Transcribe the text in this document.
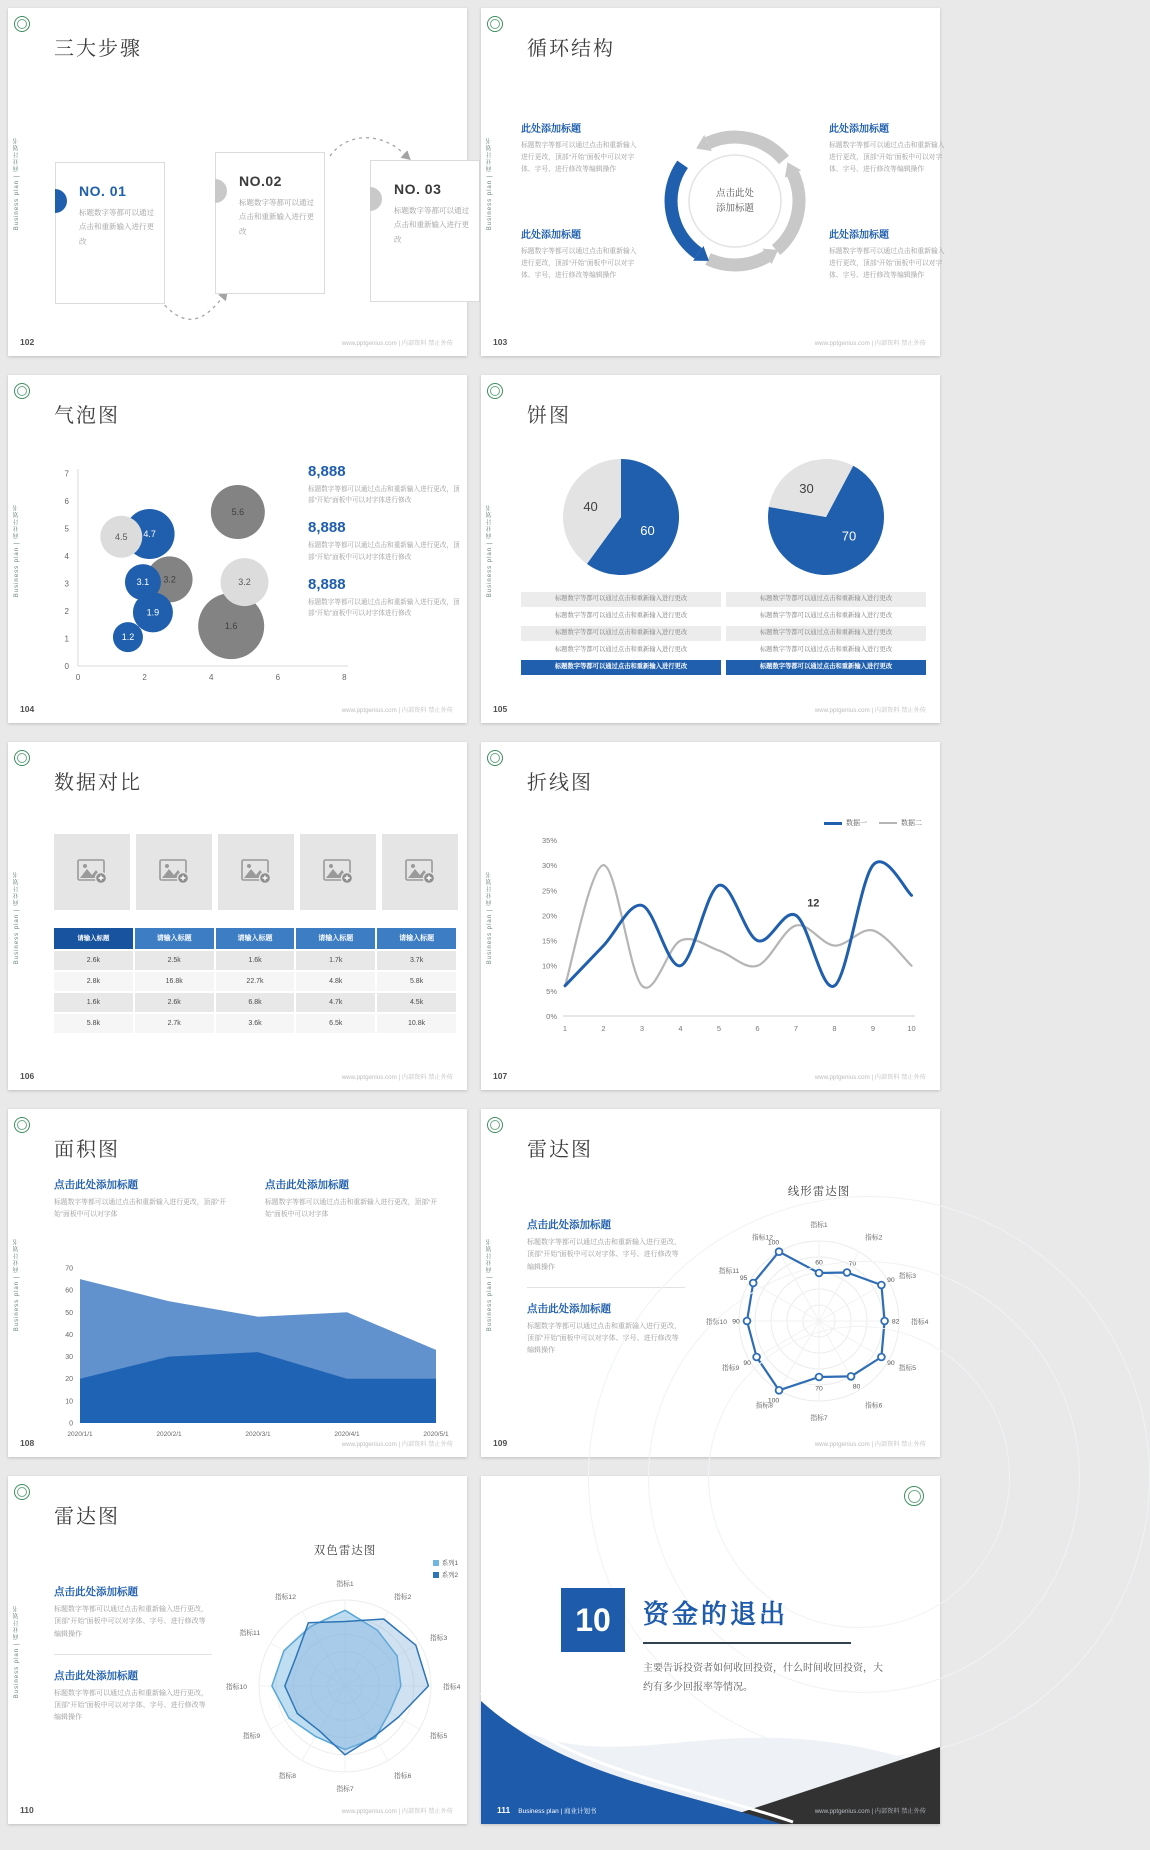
Business plan | 商业计划书
三大步骤
NO. 01
标题数字等都可以通过点击和重新输入进行更改
NO.02
标题数字等都可以通过点击和重新输入进行更改
NO. 03
标题数字等都可以通过点击和重新输入进行更改
102	www.pptgenius.com | 内部资料 禁止外传
Business plan | 商业计划书
循环结构
此处添加标题
标题数字等都可以通过点击和重新输入进行更改，顶部“开始”面板中可以对字体、字号、进行修改等编辑操作
此处添加标题
标题数字等都可以通过点击和重新输入进行更改，顶部“开始”面板中可以对字体、字号、进行修改等编辑操作
点击此处
添加标题
此处添加标题
标题数字等都可以通过点击和重新输入进行更改，顶部“开始”面板中可以对字体、字号、进行修改等编辑操作
此处添加标题
标题数字等都可以通过点击和重新输入进行更改，顶部“开始”面板中可以对字体、字号、进行修改等编辑操作
103	www.pptgenius.com | 内部资料 禁止外传
Business plan | 商业计划书
气泡图
0
1
2
3
4
5
6
7
0	2	4	6	8
1.6
5.6
4.7
3.2
3.2
4.5
1.9
3.1
1.2
8,888
标题数字等都可以通过点击和重新输入进行更改，顶部“开始”面板中可以对字体进行修改
8,888
标题数字等都可以通过点击和重新输入进行更改，顶部“开始”面板中可以对字体进行修改
8,888
标题数字等都可以通过点击和重新输入进行更改，顶部“开始”面板中可以对字体进行修改
104	www.pptgenius.com | 内部资料 禁止外传
Business plan | 商业计划书
饼图
40
60
标题数字等都可以通过点击和重新输入进行更改
标题数字等都可以通过点击和重新输入进行更改
标题数字等都可以通过点击和重新输入进行更改
标题数字等都可以通过点击和重新输入进行更改
标题数字等都可以通过点击和重新输入进行更改
30
70
标题数字等都可以通过点击和重新输入进行更改
标题数字等都可以通过点击和重新输入进行更改
标题数字等都可以通过点击和重新输入进行更改
标题数字等都可以通过点击和重新输入进行更改
标题数字等都可以通过点击和重新输入进行更改
105	www.pptgenius.com | 内部资料 禁止外传
Business plan | 商业计划书
数据对比
请输入标题	请输入标题	请输入标题	请输入标题	请输入标题
2.6k	2.5k	1.6k	1.7k	3.7k
2.8k	16.8k	22.7k	4.8k	5.8k
1.6k	2.6k	6.8k	4.7k	4.5k
5.8k	2.7k	3.6k	6.5k	10.8k
106	www.pptgenius.com | 内部资料 禁止外传
Business plan | 商业计划书
折线图
数据一	数据二
0%
5%
10%
15%
20%
25%
30%
35%
1	2	3	4	5	6	7	8	9	10
12
107	www.pptgenius.com | 内部资料 禁止外传
Business plan | 商业计划书
面积图
点击此处添加标题
标题数字等都可以通过点击和重新输入进行更改，顶部“开始”面板中可以对字体
点击此处添加标题
标题数字等都可以通过点击和重新输入进行更改，顶部“开始”面板中可以对字体
0
10
20
30
40
50
60
70
2020/1/1	2020/2/1	2020/3/1	2020/4/1	2020/5/1
108	www.pptgenius.com | 内部资料 禁止外传
Business plan | 商业计划书
雷达图
点击此处添加标题
标题数字等都可以通过点击和重新输入进行更改，顶部“开始”面板中可以对字体、字号、进行修改等编辑操作
点击此处添加标题
标题数字等都可以通过点击和重新输入进行更改，顶部“开始”面板中可以对字体、字号、进行修改等编辑操作
线形雷达图
指标1
指标2
指标3
指标4
指标5
指标6
指标7
指标8
指标9
指标10
指标11
指标12
60	70
90
82
90
80
70
100
90
90
95
100
109	www.pptgenius.com | 内部资料 禁止外传
Business plan | 商业计划书
雷达图
点击此处添加标题
标题数字等都可以通过点击和重新输入进行更改，顶部“开始”面板中可以对字体、字号、进行修改等编辑操作
点击此处添加标题
标题数字等都可以通过点击和重新输入进行更改，顶部“开始”面板中可以对字体、字号、进行修改等编辑操作
双色雷达图
系列1
系列2
指标1
指标2
指标3
指标4
指标5
指标6
指标7
指标8
指标9
指标10
指标11
指标12
110	www.pptgenius.com | 内部资料 禁止外传
10	资金的退出
主要告诉投资者如何收回投资，什么时间收回投资，大约有多少回报率等情况。
111 Business plan | 商业计划书	www.pptgenius.com | 内部资料 禁止外传
